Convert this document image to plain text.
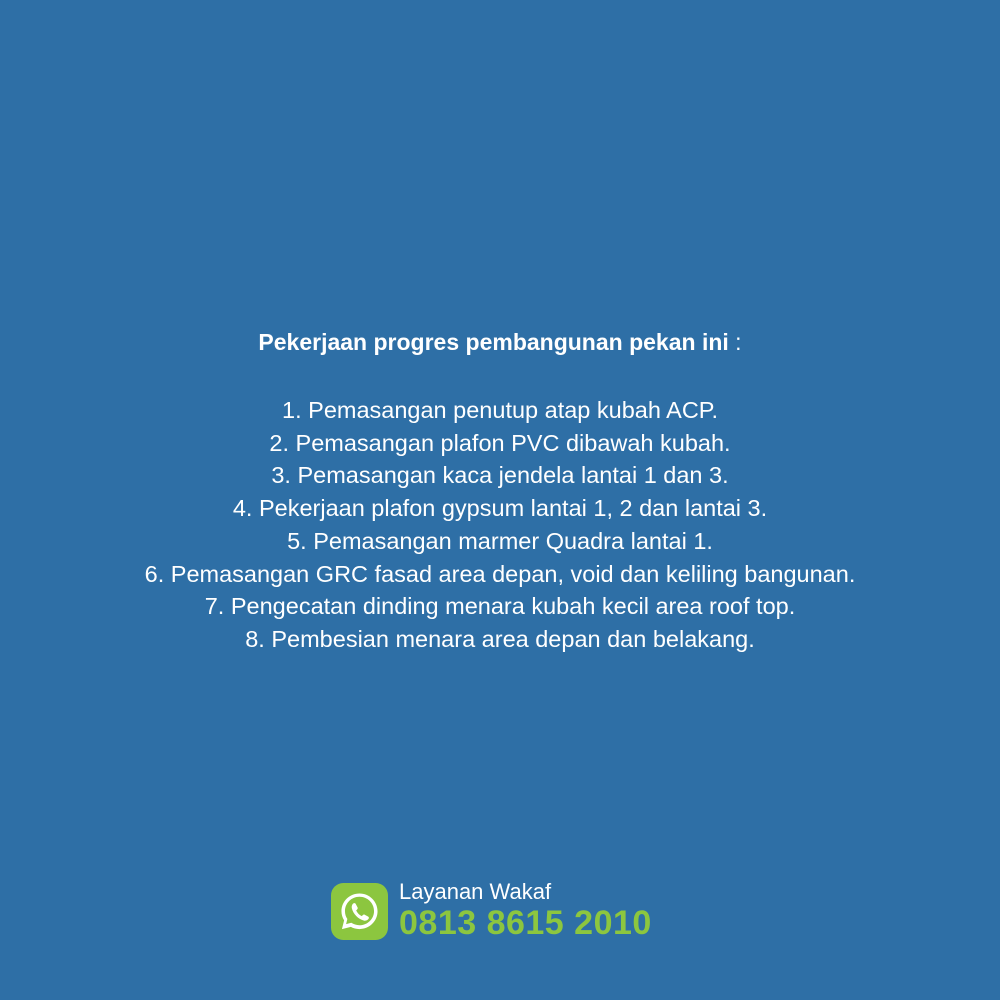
Pekerjaan progres pembangunan pekan ini :
1. Pemasangan penutup atap kubah ACP.
2. Pemasangan plafon PVC dibawah kubah.
3. Pemasangan kaca jendela lantai 1 dan 3.
4. Pekerjaan plafon gypsum lantai 1, 2 dan lantai 3.
5. Pemasangan marmer Quadra lantai 1.
6. Pemasangan GRC fasad area depan, void dan keliling bangunan.
7. Pengecatan dinding menara kubah kecil area roof top.
8. Pembesian menara area depan dan belakang.
Layanan Wakaf
0813 8615 2010
